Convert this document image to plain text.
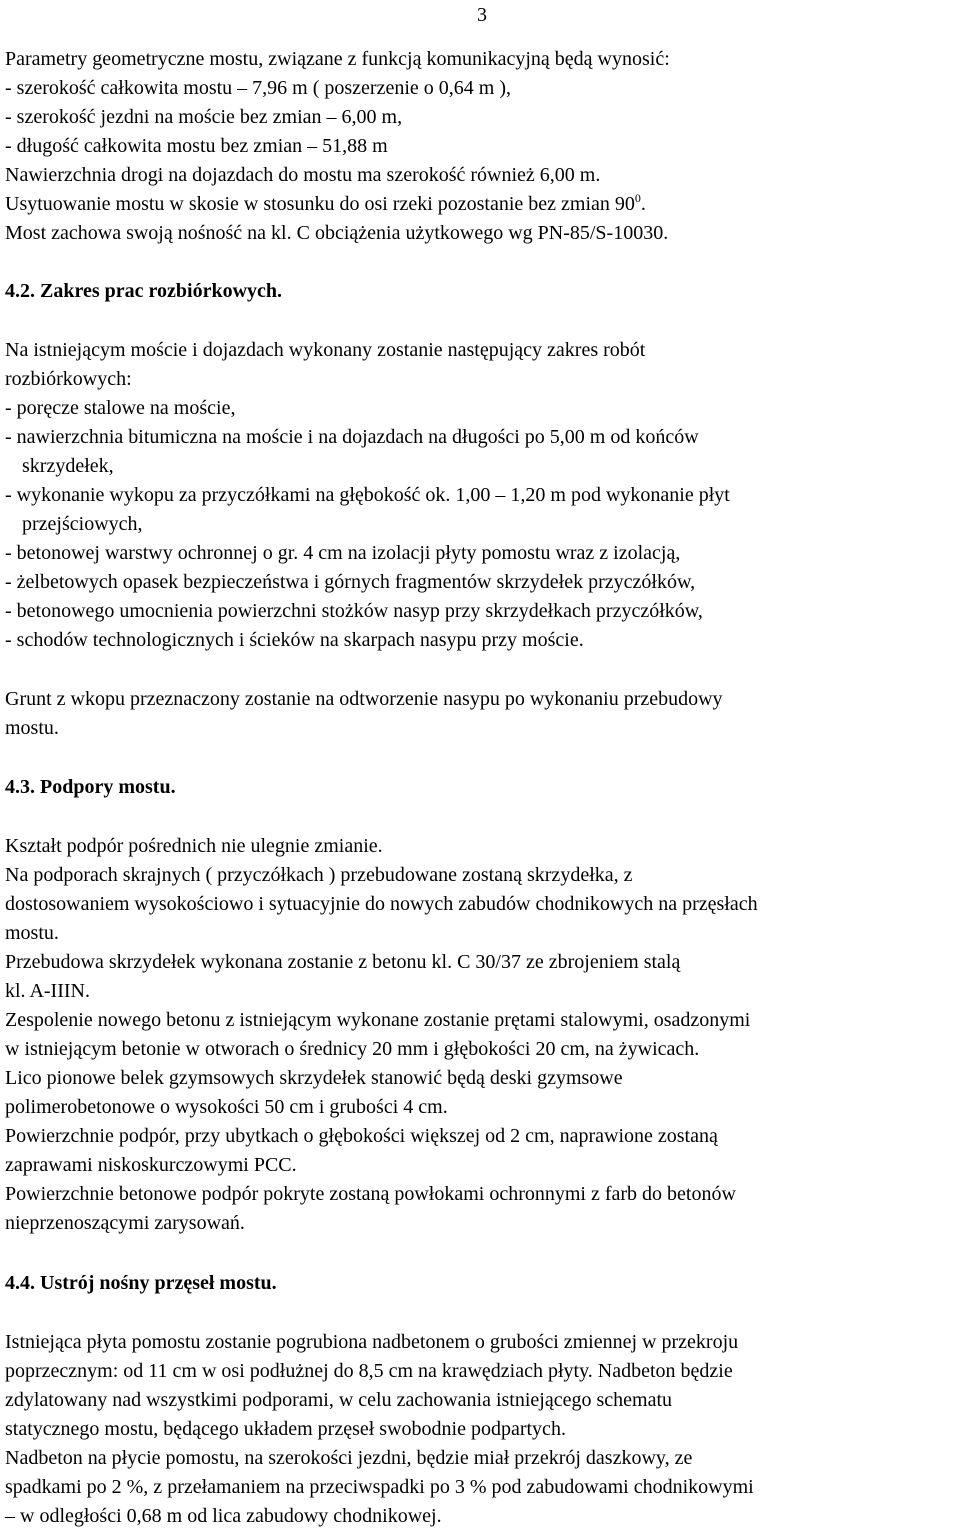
3
Parametry geometryczne mostu, związane z funkcją komunikacyjną będą wynosić:
- szerokość całkowita mostu – 7,96 m ( poszerzenie o 0,64 m ),
- szerokość jezdni na moście bez zmian – 6,00 m,
- długość całkowita mostu bez zmian – 51,88 m
Nawierzchnia drogi na dojazdach do mostu ma szerokość również 6,00 m.
Usytuowanie mostu w skosie w stosunku do osi rzeki pozostanie bez zmian $90^0$.
Most zachowa swoją nośność na kl. C obciążenia użytkowego wg PN-85/S-10030.
4.2. Zakres prac rozbiórkowych.
Na istniejącym moście i dojazdach wykonany zostanie następujący zakres robót
rozbiórkowych:
- poręcze stalowe na moście,
- nawierzchnia bitumiczna na moście i na dojazdach na długości po 5,00 m od końców
skrzydełek,
- wykonanie wykopu za przyczółkami na głębokość ok. 1,00 – 1,20 m pod wykonanie płyt
przejściowych,
- betonowej warstwy ochronnej o gr. 4 cm na izolacji płyty pomostu wraz z izolacją,
- żelbetowych opasek bezpieczeństwa i górnych fragmentów skrzydełek przyczółków,
- betonowego umocnienia powierzchni stożków nasyp przy skrzydełkach przyczółków,
- schodów technologicznych i ścieków na skarpach nasypu przy moście.
Grunt z wkopu przeznaczony zostanie na odtworzenie nasypu po wykonaniu przebudowy
mostu.
4.3. Podpory mostu.
Kształt podpór pośrednich nie ulegnie zmianie.
Na podporach skrajnych ( przyczółkach ) przebudowane zostaną skrzydełka, z
dostosowaniem wysokościowo i sytuacyjnie do nowych zabudów chodnikowych na przęsłach
mostu.
Przebudowa skrzydełek wykonana zostanie z betonu kl. C 30/37 ze zbrojeniem stalą
kl. A-IIIN.
Zespolenie nowego betonu z istniejącym wykonane zostanie prętami stalowymi, osadzonymi
w istniejącym betonie w otworach o średnicy 20 mm i głębokości 20 cm, na żywicach.
Lico pionowe belek gzymsowych skrzydełek stanowić będą deski gzymsowe
polimerobetonowe o wysokości 50 cm i grubości 4 cm.
Powierzchnie podpór, przy ubytkach o głębokości większej od 2 cm, naprawione zostaną
zaprawami niskoskurczowymi PCC.
Powierzchnie betonowe podpór pokryte zostaną powłokami ochronnymi z farb do betonów
nieprzenoszącymi zarysowań.
4.4. Ustrój nośny przęseł mostu.
Istniejąca płyta pomostu zostanie pogrubiona nadbetonem o grubości zmiennej w przekroju
poprzecznym: od 11 cm w osi podłużnej do 8,5 cm na krawędziach płyty. Nadbeton będzie
zdylatowany nad wszystkimi podporami, w celu zachowania istniejącego schematu
statycznego mostu, będącego układem przęseł swobodnie podpartych.
Nadbeton na płycie pomostu, na szerokości jezdni, będzie miał przekrój daszkowy, ze
spadkami po 2 %, z przełamaniem na przeciwspadki po 3 % pod zabudowami chodnikowymi
– w odległości 0,68 m od lica zabudowy chodnikowej.
